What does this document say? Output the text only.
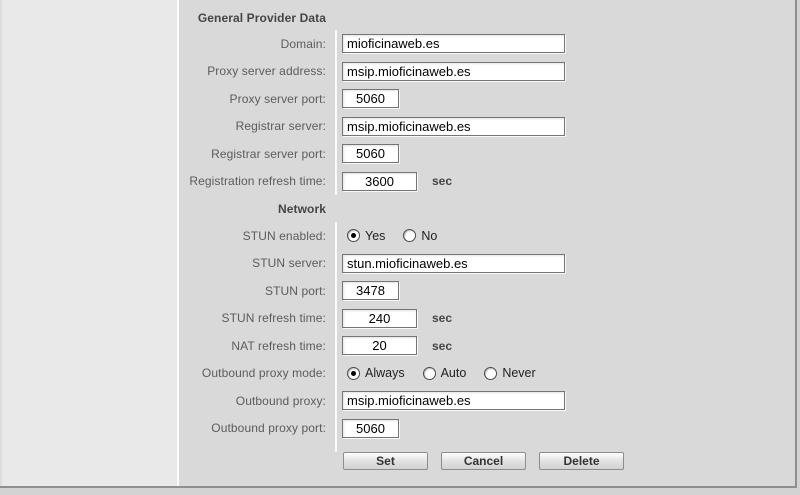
General Provider Data
Domain:
mioficinaweb.es
Proxy server address:
msip.mioficinaweb.es
Proxy server port:
5060
Registrar server:
msip.mioficinaweb.es
Registrar server port:
5060
Registration refresh time:
3600	sec
Network
STUN enabled:	Yes	No
STUN server:
stun.mioficinaweb.es
STUN port:
3478
STUN refresh time:
240	sec
NAT refresh time:
20	sec
Outbound proxy mode:	Always	Auto	Never
Outbound proxy:
msip.mioficinaweb.es
Outbound proxy port:
5060
Set	Cancel	Delete
